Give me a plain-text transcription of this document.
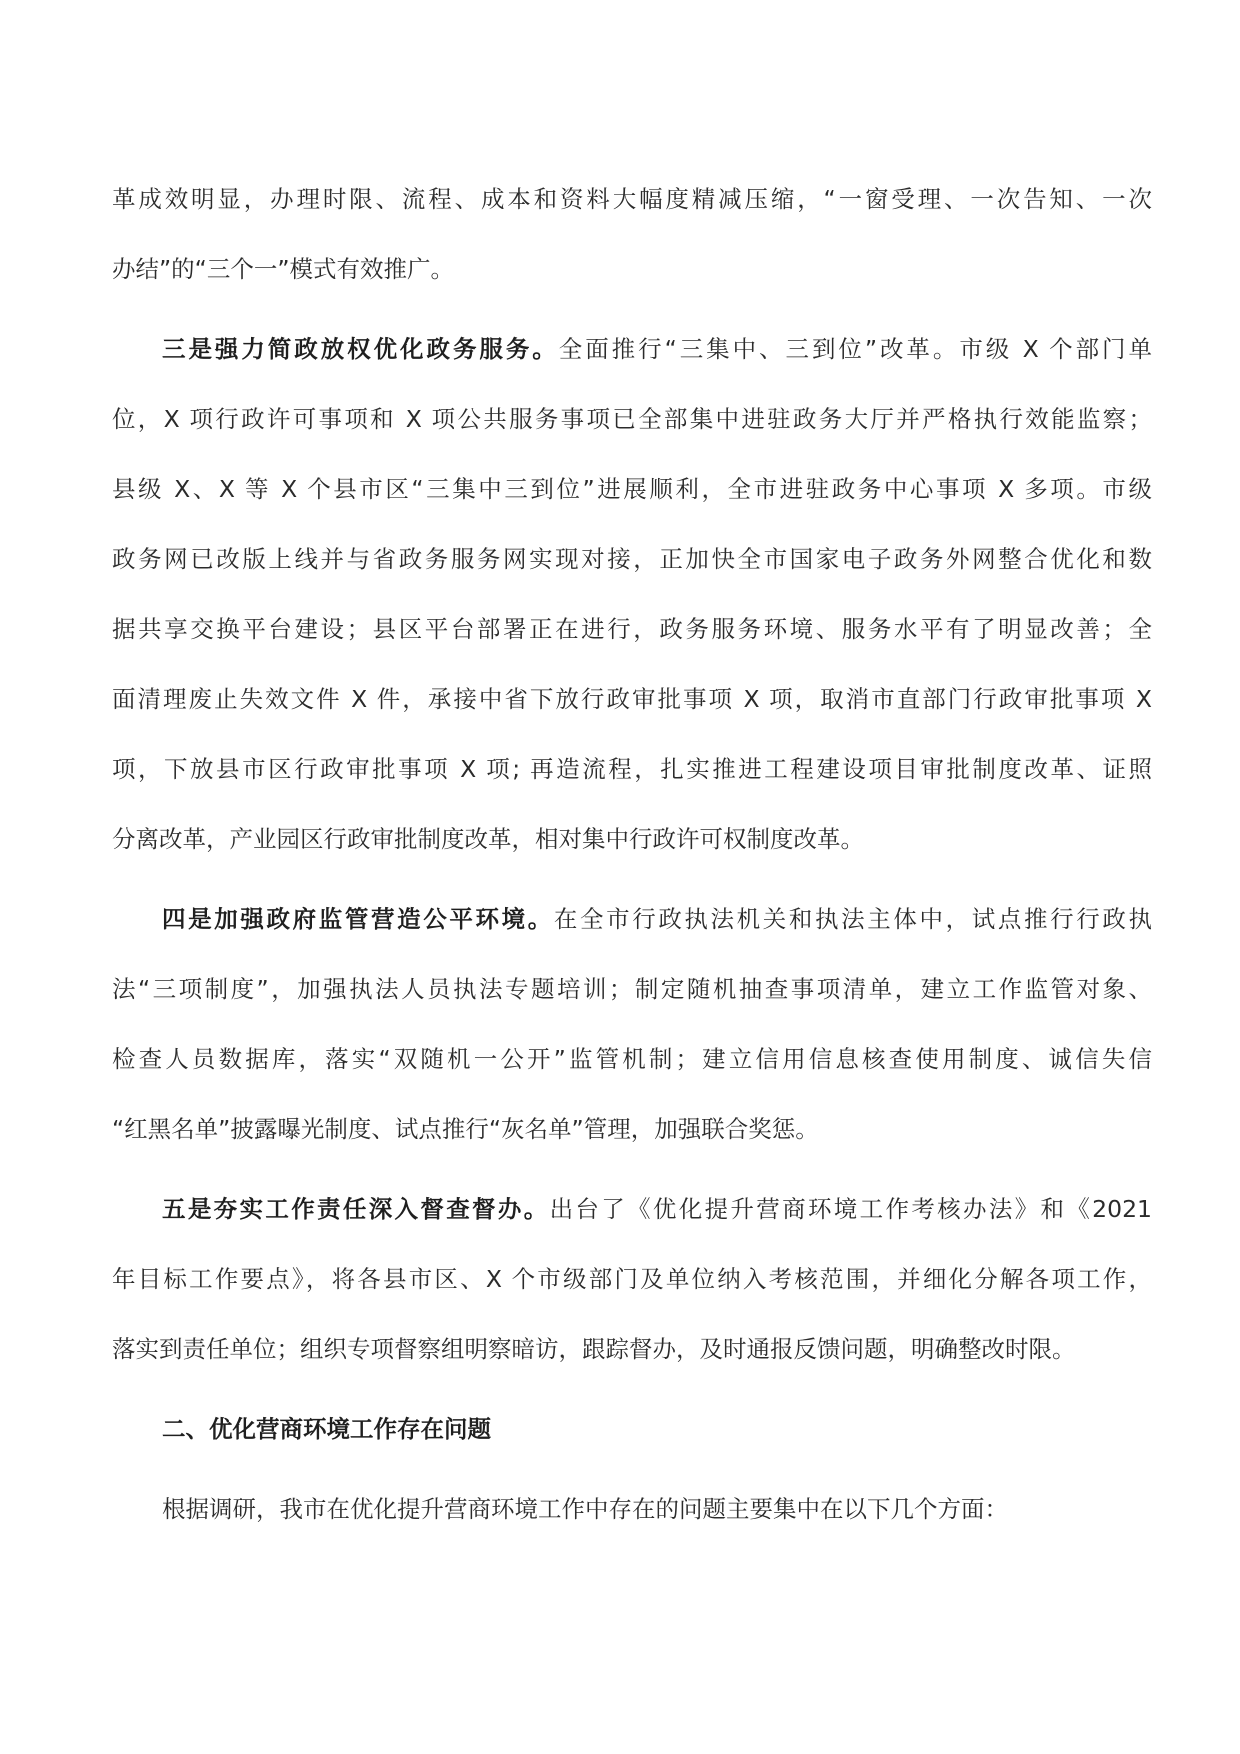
革成效明显，办理时限、流程、成本和资料大幅度精减压缩，“一窗受理、一次告知、一次
办结”的“三个一”模式有效推广。
三是强力简政放权优化政务服务。全面推行“三集中、三到位”改革。市级 X 个部门单
位，X 项行政许可事项和 X 项公共服务事项已全部集中进驻政务大厅并严格执行效能监察；
县级 X、X 等 X 个县市区“三集中三到位”进展顺利，全市进驻政务中心事项 X 多项。市级
政务网已改版上线并与省政务服务网实现对接，正加快全市国家电子政务外网整合优化和数
据共享交换平台建设；县区平台部署正在进行，政务服务环境、服务水平有了明显改善；全
面清理废止失效文件 X 件，承接中省下放行政审批事项 X 项，取消市直部门行政审批事项 X
项，下放县市区行政审批事项 X 项; 再造流程，扎实推进工程建设项目审批制度改革、证照
分离改革，产业园区行政审批制度改革，相对集中行政许可权制度改革。
四是加强政府监管营造公平环境。在全市行政执法机关和执法主体中，试点推行行政执
法“三项制度”，加强执法人员执法专题培训；制定随机抽查事项清单，建立工作监管对象、
检查人员数据库，落实“双随机一公开”监管机制；建立信用信息核查使用制度、诚信失信
“红黑名单”披露曝光制度、试点推行“灰名单”管理，加强联合奖惩。
五是夯实工作责任深入督查督办。出台了《优化提升营商环境工作考核办法》和《2021
年目标工作要点》，将各县市区、X 个市级部门及单位纳入考核范围，并细化分解各项工作，
落实到责任单位；组织专项督察组明察暗访，跟踪督办，及时通报反馈问题，明确整改时限。
二、优化营商环境工作存在问题
根据调研，我市在优化提升营商环境工作中存在的问题主要集中在以下几个方面：
